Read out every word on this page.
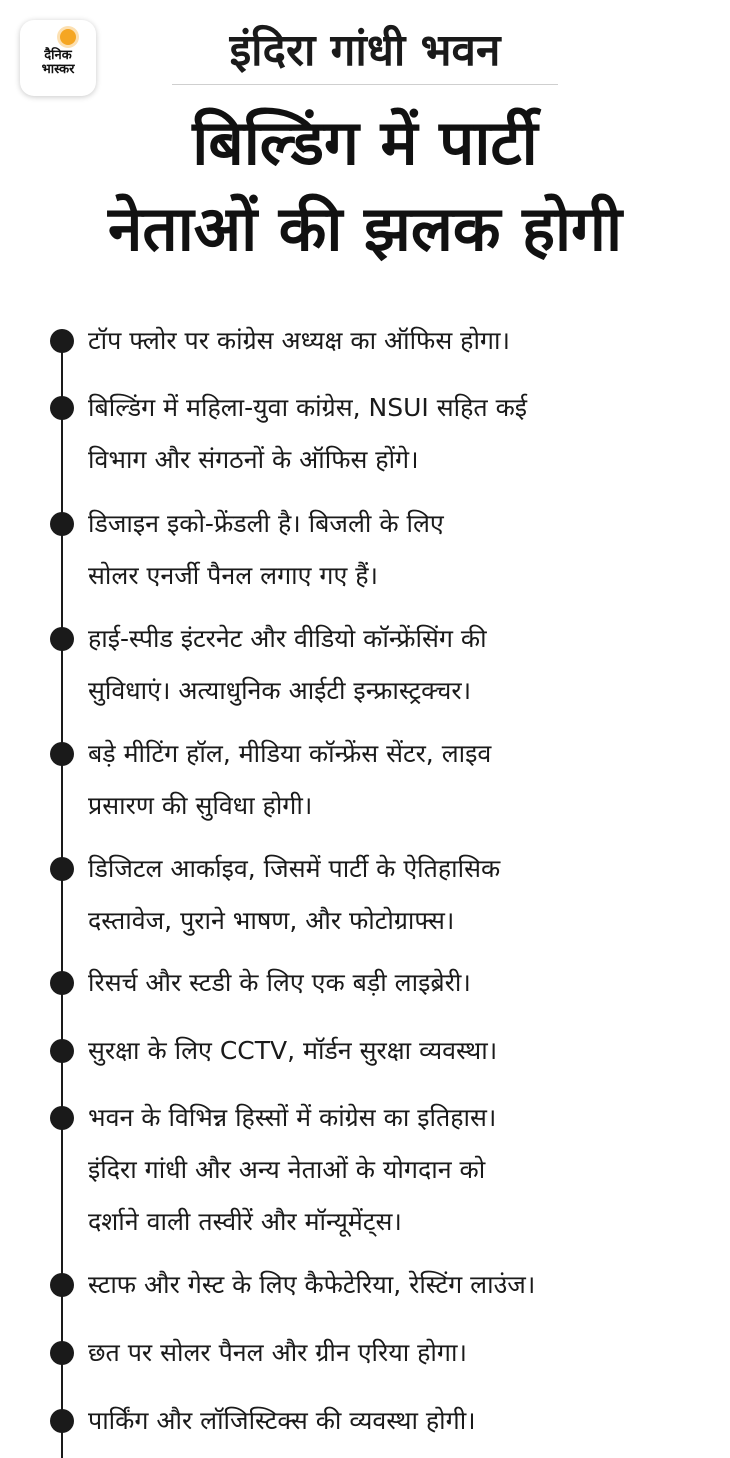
दैनिक
भास्कर	इंदिरा गांधी भवन
बिल्डिंग में पार्टी
नेताओं की झलक होगी
टॉप फ्लोर पर कांग्रेस अध्यक्ष का ऑफिस होगा।
बिल्डिंग में महिला-युवा कांग्रेस, NSUI सहित कई
विभाग और संगठनों के ऑफिस होंगे।
डिजाइन इको-फ्रेंडली है। बिजली के लिए
सोलर एनर्जी पैनल लगाए गए हैं।
हाई-स्पीड इंटरनेट और वीडियो कॉन्फ्रेंसिंग की
सुविधाएं। अत्याधुनिक आईटी इन्फ्रास्ट्रक्चर।
बड़े मीटिंग हॉल, मीडिया कॉन्फ्रेंस सेंटर, लाइव
प्रसारण की सुविधा होगी।
डिजिटल आर्काइव, जिसमें पार्टी के ऐतिहासिक
दस्तावेज, पुराने भाषण, और फोटोग्राफ्स।
रिसर्च और स्टडी के लिए एक बड़ी लाइब्रेरी।
सुरक्षा के लिए CCTV, मॉर्डन सुरक्षा व्यवस्था।
भवन के विभिन्न हिस्सों में कांग्रेस का इतिहास।
इंदिरा गांधी और अन्य नेताओं के योगदान को
दर्शाने वाली तस्वीरें और मॉन्यूमेंट्स।
स्टाफ और गेस्ट के लिए कैफेटेरिया, रेस्टिंग लाउंज।
छत पर सोलर पैनल और ग्रीन एरिया होगा।
पार्किंग और लॉजिस्टिक्स की व्यवस्था होगी।
